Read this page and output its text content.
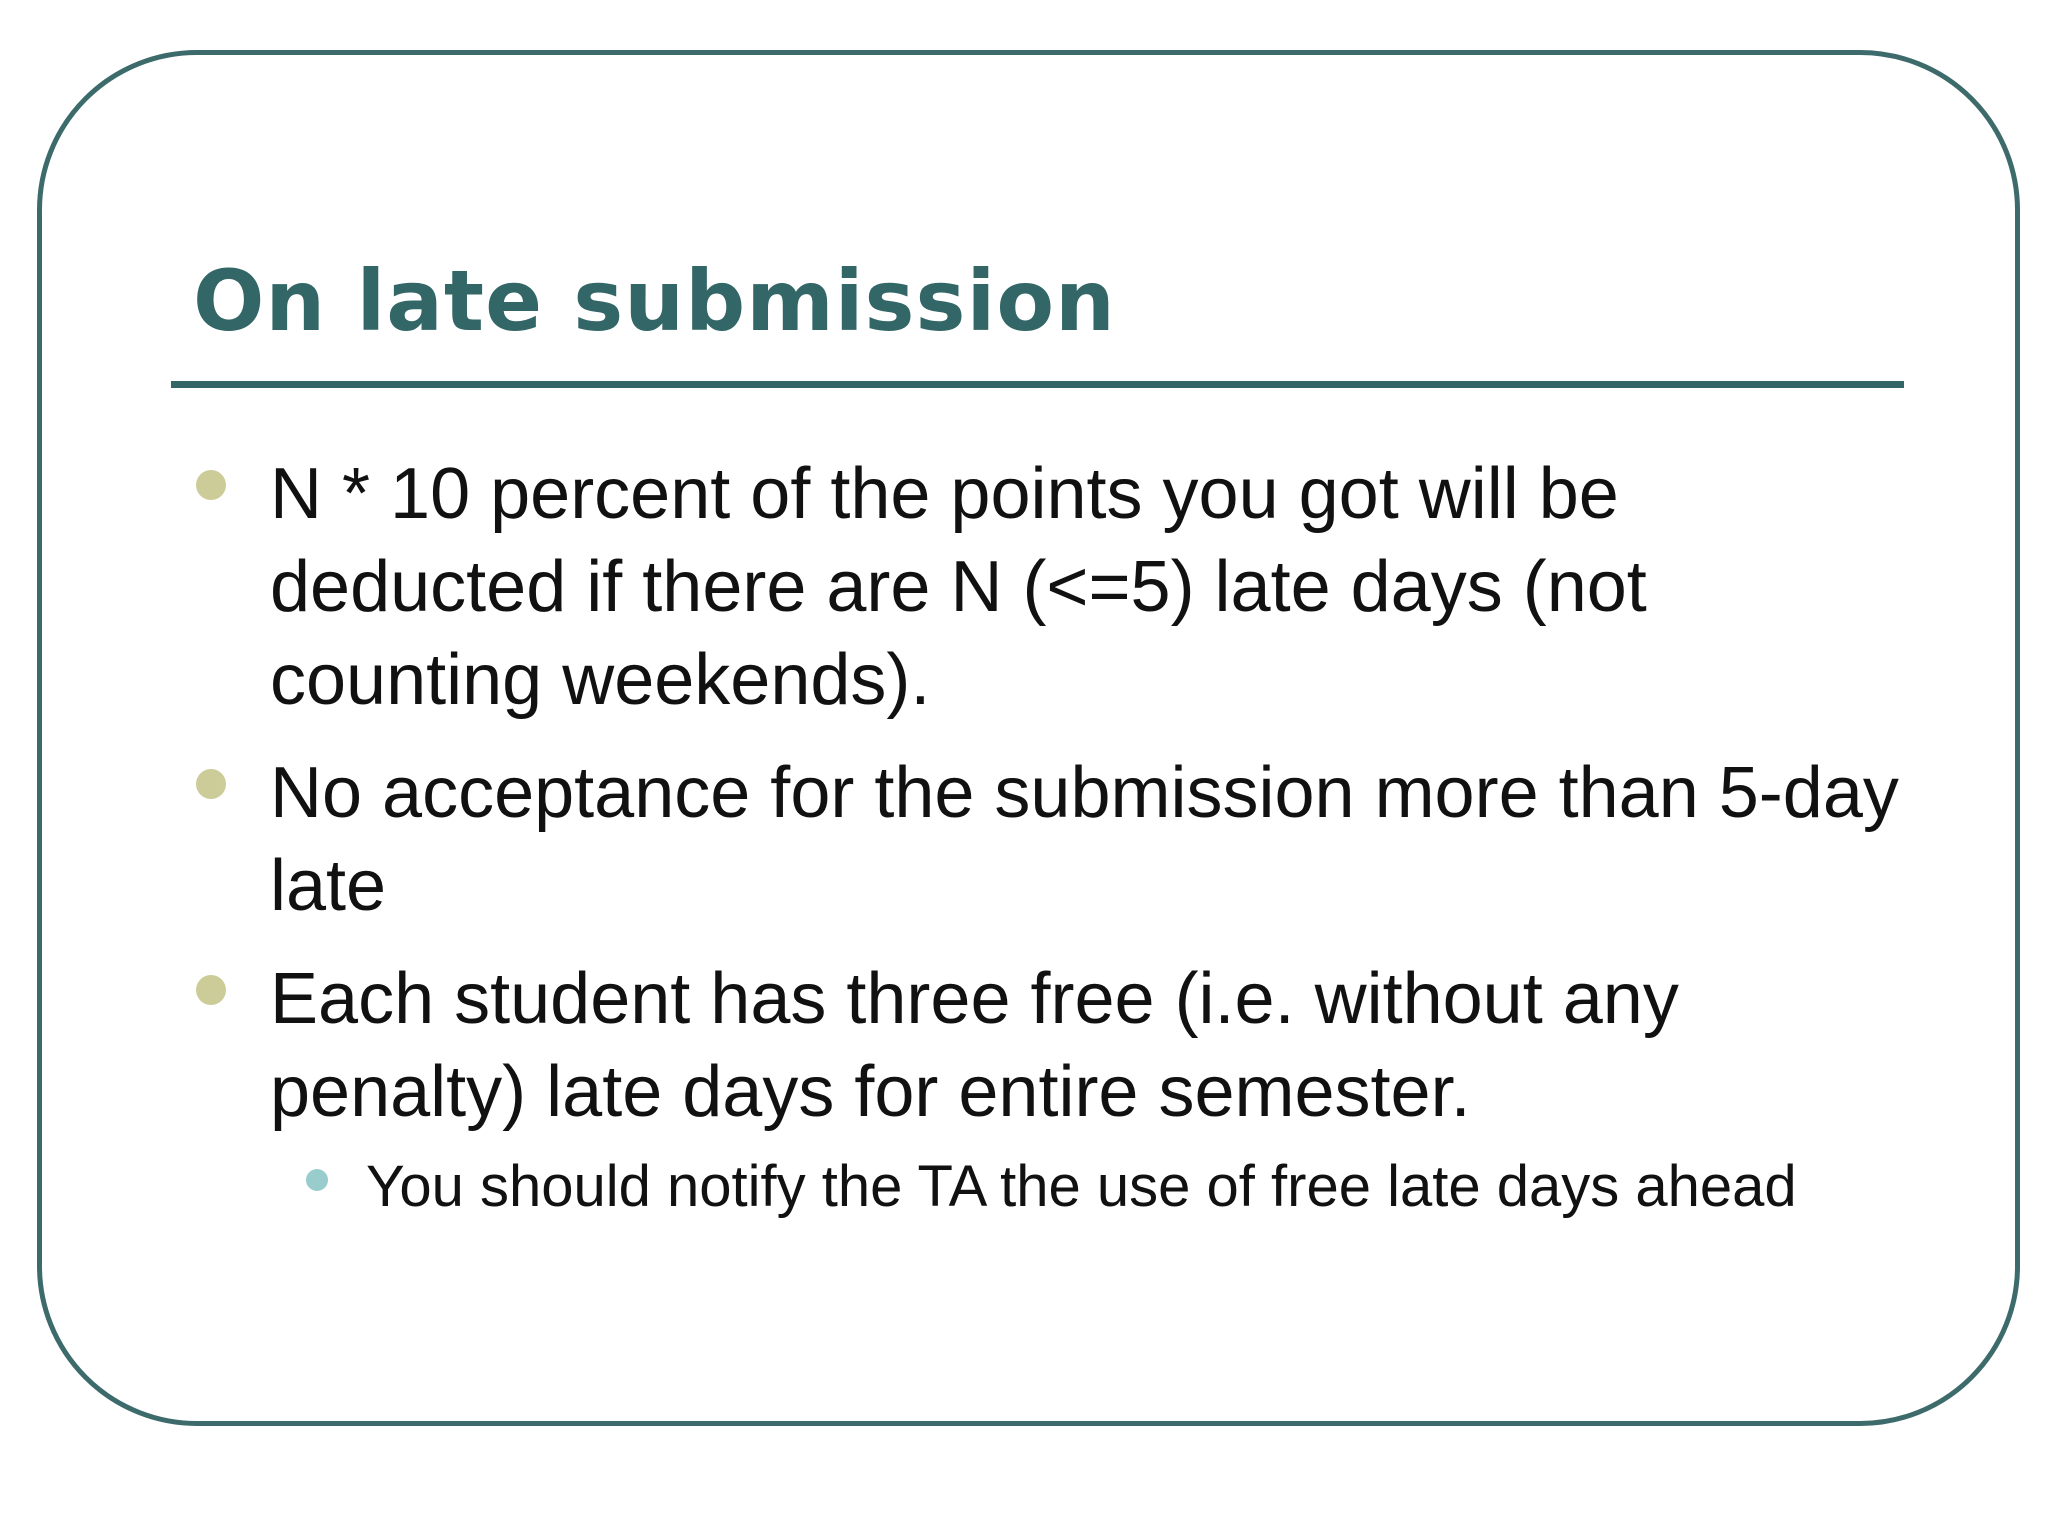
On late submission
N * 10 percent of the points you got will be deducted if there are N (<=5) late days (not counting weekends).
No acceptance for the submission more than 5-day late
Each student has three free (i.e. without any penalty) late days for entire semester.
You should notify the TA the use of free late days ahead
